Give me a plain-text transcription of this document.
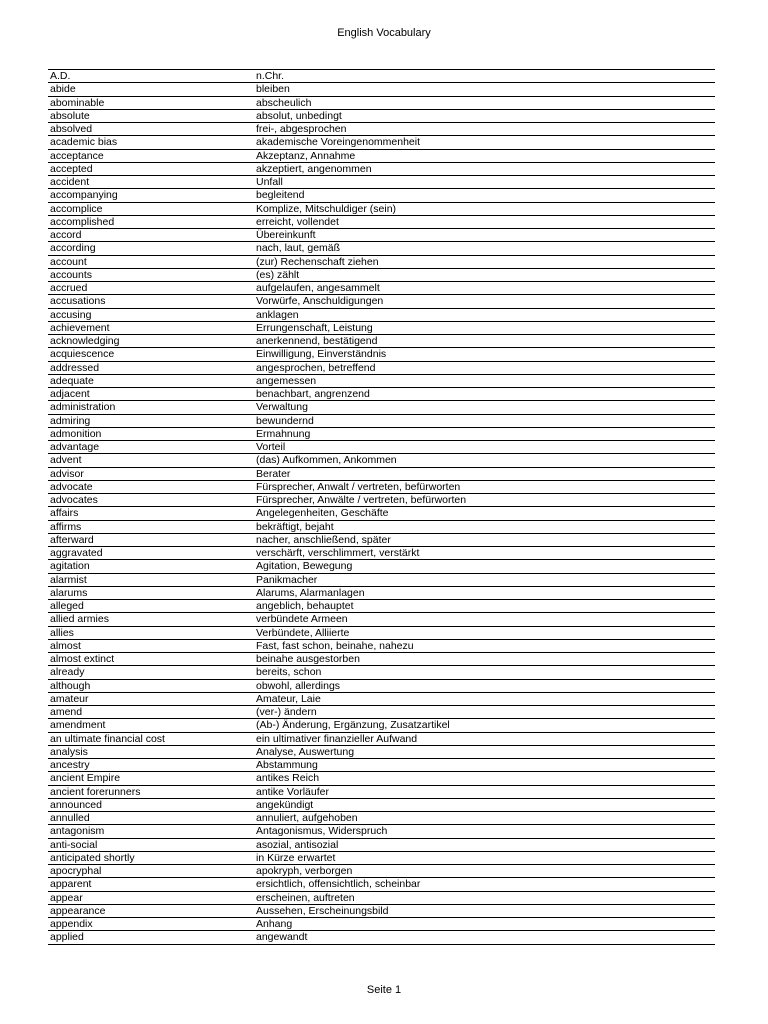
English Vocabulary
A.D.	n.Chr.
abide	bleiben
abominable	abscheulich
absolute	absolut, unbedingt
absolved	frei-, abgesprochen
academic bias	akademische Voreingenommenheit
acceptance	Akzeptanz, Annahme
accepted	akzeptiert, angenommen
accident	Unfall
accompanying	begleitend
accomplice	Komplize, Mitschuldiger (sein)
accomplished	erreicht, vollendet
accord	Übereinkunft
according	nach, laut, gemäß
account	(zur) Rechenschaft ziehen
accounts	(es) zählt
accrued	aufgelaufen, angesammelt
accusations	Vorwürfe, Anschuldigungen
accusing	anklagen
achievement	Errungenschaft, Leistung
acknowledging	anerkennend, bestätigend
acquiescence	Einwilligung, Einverständnis
addressed	angesprochen, betreffend
adequate	angemessen
adjacent	benachbart, angrenzend
administration	Verwaltung
admiring	bewundernd
admonition	Ermahnung
advantage	Vorteil
advent	(das) Aufkommen, Ankommen
advisor	Berater
advocate	Fürsprecher, Anwalt / vertreten, befürworten
advocates	Fürsprecher, Anwälte / vertreten, befürworten
affairs	Angelegenheiten, Geschäfte
affirms	bekräftigt, bejaht
afterward	nacher, anschließend, später
aggravated	verschärft, verschlimmert, verstärkt
agitation	Agitation, Bewegung
alarmist	Panikmacher
alarums	Alarums, Alarmanlagen
alleged	angeblich, behauptet
allied armies	verbündete Armeen
allies	Verbündete, Alliierte
almost	Fast, fast schon, beinahe, nahezu
almost extinct	beinahe ausgestorben
already	bereits, schon
although	obwohl, allerdings
amateur	Amateur, Laie
amend	(ver-) ändern
amendment	(Ab-) Änderung, Ergänzung, Zusatzartikel
an ultimate financial cost	ein ultimativer finanzieller Aufwand
analysis	Analyse, Auswertung
ancestry	Abstammung
ancient Empire	antikes Reich
ancient forerunners	antike Vorläufer
announced	angekündigt
annulled	annuliert, aufgehoben
antagonism	Antagonismus, Widerspruch
anti-social	asozial, antisozial
anticipated shortly	in Kürze erwartet
apocryphal	apokryph, verborgen
apparent	ersichtlich, offensichtlich, scheinbar
appear	erscheinen, auftreten
appearance	Aussehen, Erscheinungsbild
appendix	Anhang
applied	angewandt
Seite 1
